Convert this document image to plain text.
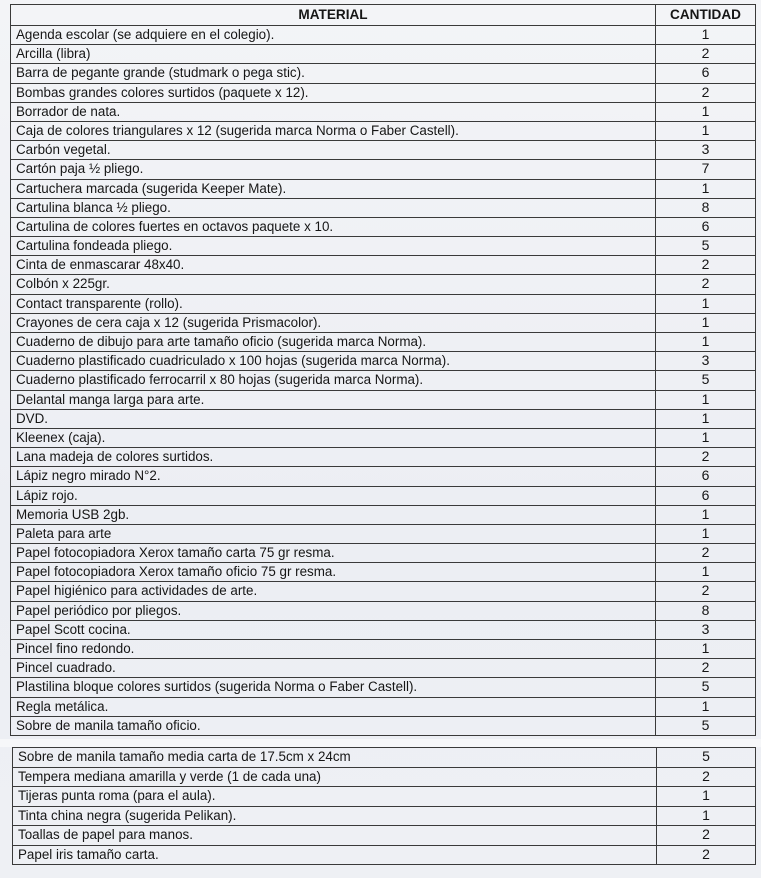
MATERIAL	CANTIDAD
Agenda escolar (se adquiere en el colegio).	1
Arcilla (libra)	2
Barra de pegante grande (studmark o pega stic).	6
Bombas grandes colores surtidos (paquete x 12).	2
Borrador de nata.	1
Caja de colores triangulares x 12 (sugerida marca Norma o Faber Castell).	1
Carbón vegetal.	3
Cartón paja ½ pliego.	7
Cartuchera marcada (sugerida Keeper Mate).	1
Cartulina blanca ½ pliego.	8
Cartulina de colores fuertes en octavos paquete x 10.	6
Cartulina fondeada pliego.	5
Cinta de enmascarar 48x40.	2
Colbón x 225gr.	2
Contact transparente (rollo).	1
Crayones de cera caja x 12 (sugerida Prismacolor).	1
Cuaderno de dibujo para arte tamaño oficio (sugerida marca Norma).	1
Cuaderno plastificado cuadriculado x 100 hojas (sugerida marca Norma).	3
Cuaderno plastificado ferrocarril x 80 hojas (sugerida marca Norma).	5
Delantal manga larga para arte.	1
DVD.	1
Kleenex (caja).	1
Lana madeja de colores surtidos.	2
Lápiz negro mirado N°2.	6
Lápiz rojo.	6
Memoria USB 2gb.	1
Paleta para arte	1
Papel fotocopiadora Xerox tamaño carta 75 gr resma.	2
Papel fotocopiadora Xerox tamaño oficio 75 gr resma.	1
Papel higiénico para actividades de arte.	2
Papel periódico por pliegos.	8
Papel Scott cocina.	3
Pincel fino redondo.	1
Pincel cuadrado.	2
Plastilina bloque colores surtidos (sugerida Norma o Faber Castell).	5
Regla metálica.	1
Sobre de manila tamaño oficio.	5
Sobre de manila tamaño media carta de 17.5cm x 24cm	5
Tempera mediana amarilla y verde (1 de cada una)	2
Tijeras punta roma (para el aula).	1
Tinta china negra (sugerida Pelikan).	1
Toallas de papel para manos.	2
Papel iris tamaño carta.	2
